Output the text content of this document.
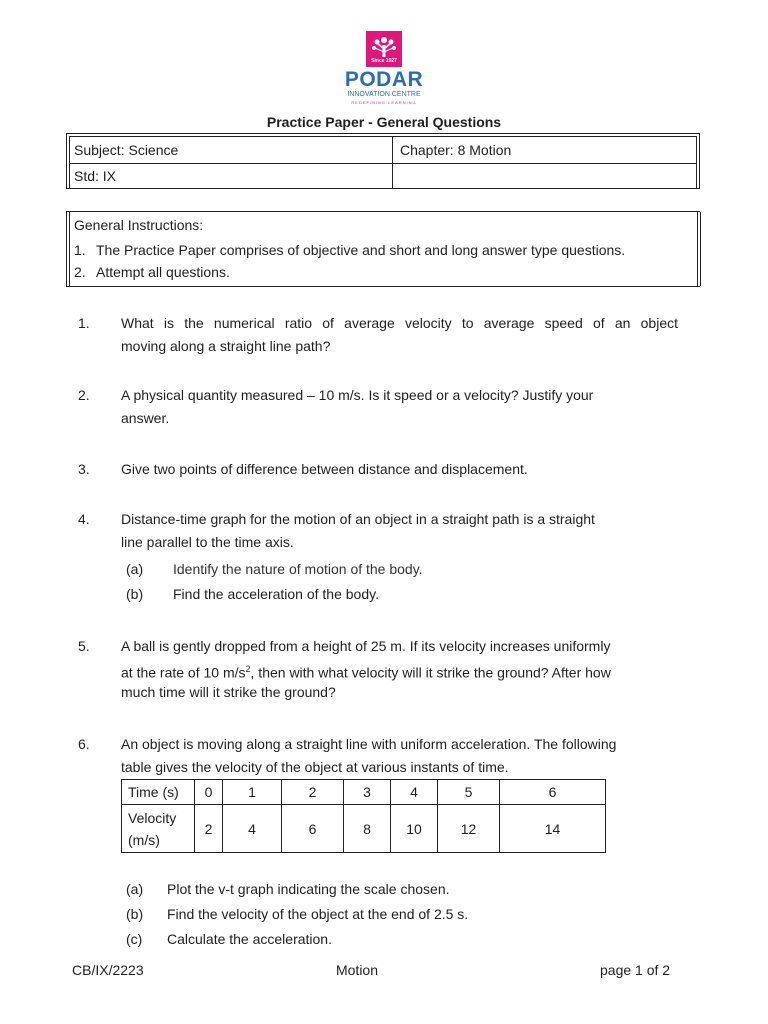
Since 1927
PODAR
INNOVATION CENTRE
REDEFINING LEARNING
Practice Paper - General Questions
Subject: Science	Chapter: 8 Motion
Std: IX
General Instructions:
1. The Practice Paper comprises of objective and short and long answer type questions.
2. Attempt all questions.
1. What is the numerical ratio of average velocity to average speed of an object
moving along a straight line path?
2. A physical quantity measured – 10 m/s. Is it speed or a velocity? Justify your
answer.
3. Give two points of difference between distance and displacement.
4. Distance-time graph for the motion of an object in a straight path is a straight
line parallel to the time axis.
(a) Identify the nature of motion of the body.
(b) Find the acceleration of the body.
5. A ball is gently dropped from a height of 25 m. If its velocity increases uniformly
at the rate of 10 $m/s^2$, then with what velocity will it strike the ground? After how
much time will it strike the ground?
6. An object is moving along a straight line with uniform acceleration. The following
table gives the velocity of the object at various instants of time.
Time (s)	0	1	2	3	4	5	6
Velocity
(m/s)	2	4	6	8	10	12	14
(a) Plot the v-t graph indicating the scale chosen.
(b) Find the velocity of the object at the end of 2.5 s.
(c) Calculate the acceleration.
CB/IX/2223	Motion	page 1 of 2
